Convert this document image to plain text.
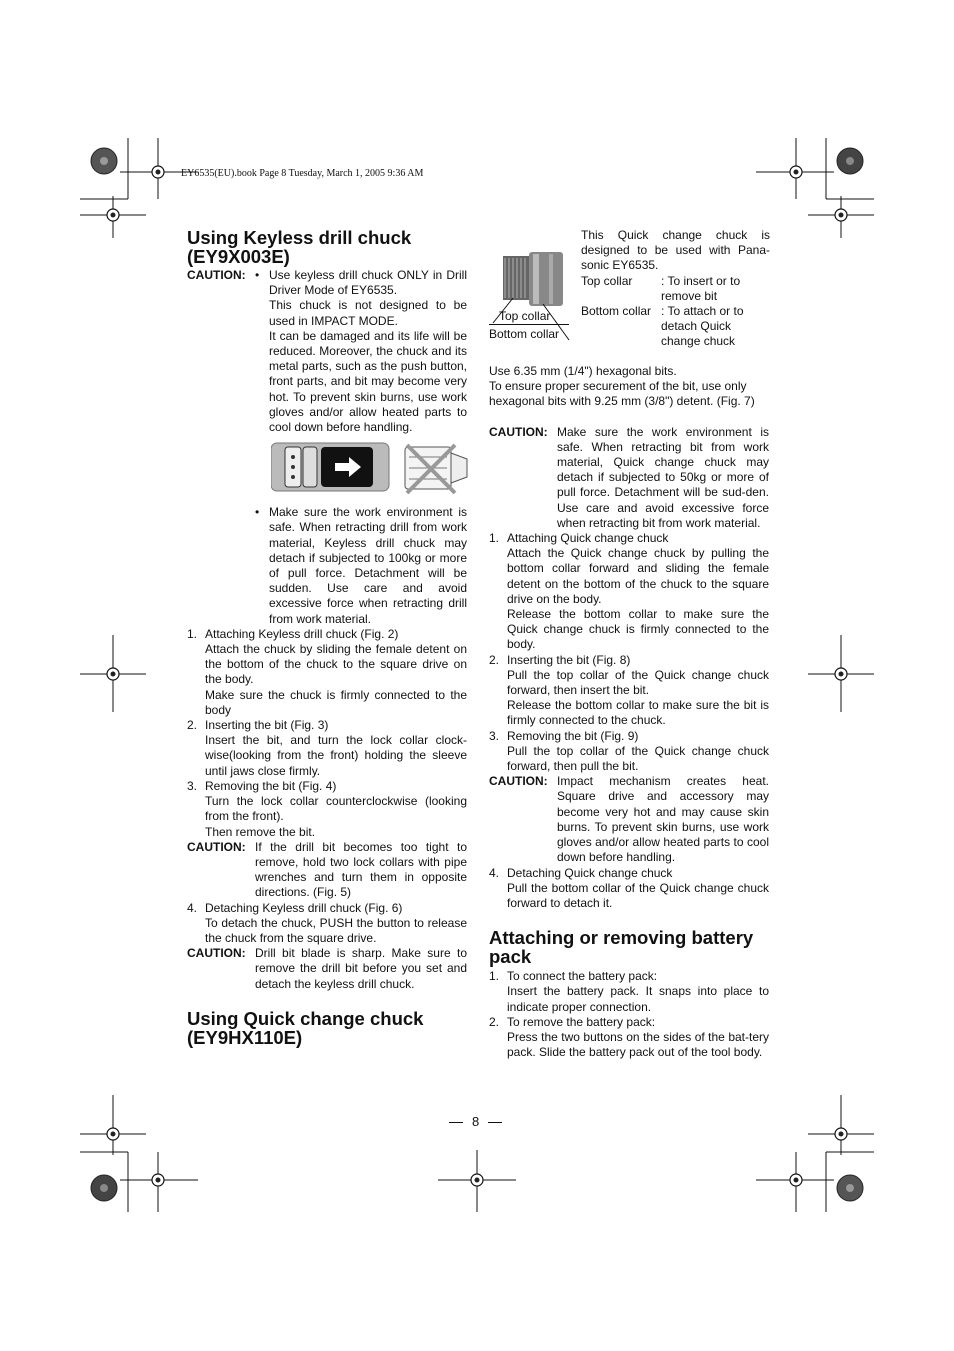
EY6535(EU).book Page 8 Tuesday, March 1, 2005 9:36 AM
Using Keyless drill chuck (EY9X003E)
CAUTION: • Use keyless drill chuck ONLY in Drill Driver Mode of EY6535.
This chuck is not designed to be used in IMPACT MODE.
It can be damaged and its life will be reduced. Moreover, the chuck and its metal parts, such as the push button, front parts, and bit may become very hot. To prevent skin burns, use work gloves and/or allow heated parts to cool down before handling.
• Make sure the work environment is safe. When retracting drill from work material, Keyless drill chuck may detach if subjected to 100kg or more of pull force. Detachment will be sudden. Use care and avoid excessive force when retracting drill from work material.
1. Attaching Keyless drill chuck (Fig. 2)
Attach the chuck by sliding the female detent on the bottom of the chuck to the square drive on the body.
Make sure the chuck is firmly connected to the body
2. Inserting the bit (Fig. 3)
Insert the bit, and turn the lock collar clock-wise(looking from the front) holding the sleeve until jaws close firmly.
3. Removing the bit (Fig. 4)
Turn the lock collar counterclockwise (looking from the front).
Then remove the bit.
CAUTION: If the drill bit becomes too tight to remove, hold two lock collars with pipe wrenches and turn them in opposite directions. (Fig. 5)
4. Detaching Keyless drill chuck (Fig. 6)
To detach the chuck, PUSH the button to release the chuck from the square drive.
CAUTION: Drill bit blade is sharp. Make sure to remove the drill bit before you set and detach the keyless drill chuck.
Using Quick change chuck (EY9HX110E)
Top collar
Bottom collar
This Quick change chuck is designed to be used with Pana-sonic EY6535.
Top collar	: To insert or to remove bit
Bottom collar : To attach or to detach Quick change chuck
Use 6.35 mm (1/4") hexagonal bits.
To ensure proper securement of the bit, use only hexagonal bits with 9.25 mm (3/8") detent. (Fig. 7)
CAUTION: Make sure the work environment is safe. When retracting bit from work material, Quick change chuck may detach if subjected to 50kg or more of pull force. Detachment will be sud-den. Use care and avoid excessive force when retracting bit from work material.
1. Attaching Quick change chuck
Attach the Quick change chuck by pulling the bottom collar forward and sliding the female detent on the bottom of the chuck to the square drive on the body.
Release the bottom collar to make sure the Quick change chuck is firmly connected to the body.
2. Inserting the bit (Fig. 8)
Pull the top collar of the Quick change chuck forward, then insert the bit.
Release the bottom collar to make sure the bit is firmly connected to the chuck.
3. Removing the bit (Fig. 9)
Pull the top collar of the Quick change chuck forward, then pull the bit.
CAUTION: Impact mechanism creates heat. Square drive and accessory may become very hot and may cause skin burns. To prevent skin burns, use work gloves and/or allow heated parts to cool down before handling.
4. Detaching Quick change chuck
Pull the bottom collar of the Quick change chuck forward to detach it.
Attaching or removing battery pack
1. To connect the battery pack:
Insert the battery pack. It snaps into place to indicate proper connection.
2. To remove the battery pack:
Press the two buttons on the sides of the bat-tery pack. Slide the battery pack out of the tool body.
8
